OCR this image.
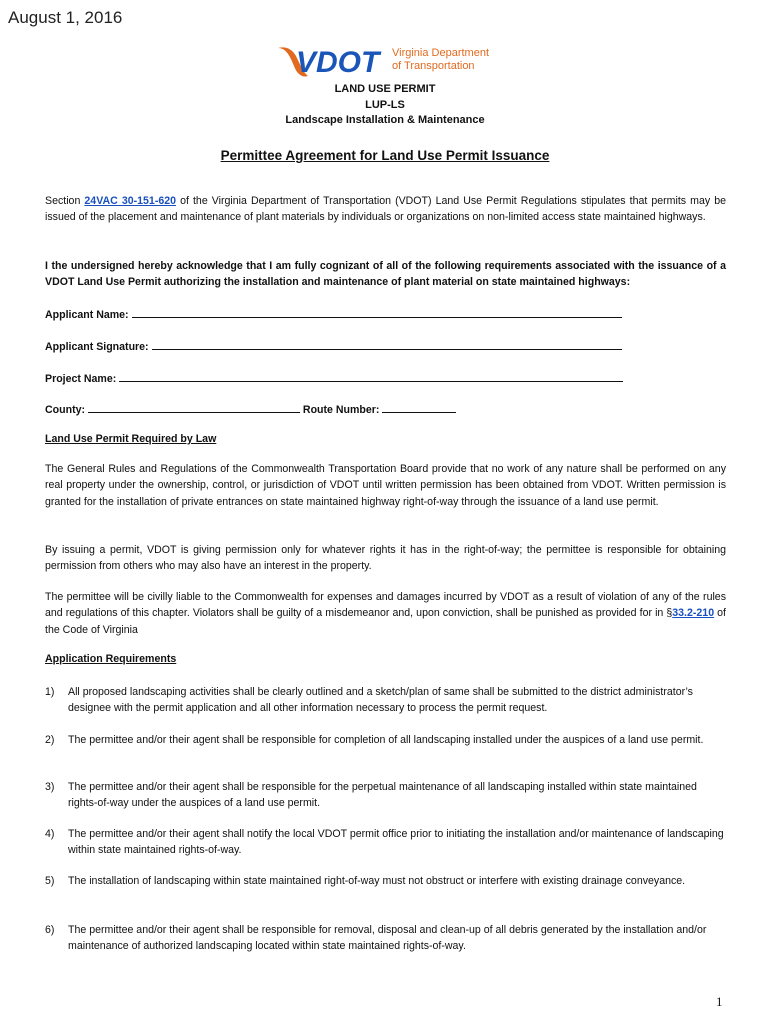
August 1, 2016
VDOT Virginia Department
of Transportation
LAND USE PERMIT
LUP-LS
Landscape Installation & Maintenance
Permittee Agreement for Land Use Permit Issuance
Section 24VAC 30-151-620 of the Virginia Department of Transportation (VDOT) Land Use Permit Regulations stipulates that permits may be issued of the placement and maintenance of plant materials by individuals or organizations on non-limited access state maintained highways.
I the undersigned hereby acknowledge that I am fully cognizant of all of the following requirements associated with the issuance of a VDOT Land Use Permit authorizing the installation and maintenance of plant material on state maintained highways:
Applicant Name:
Applicant Signature:
Project Name:
County:	Route Number:
Land Use Permit Required by Law
The General Rules and Regulations of the Commonwealth Transportation Board provide that no work of any nature shall be performed on any real property under the ownership, control, or jurisdiction of VDOT until written permission has been obtained from VDOT. Written permission is granted for the installation of private entrances on state maintained highway right-of-way through the issuance of a land use permit.
By issuing a permit, VDOT is giving permission only for whatever rights it has in the right-of-way; the permittee is responsible for obtaining permission from others who may also have an interest in the property.
The permittee will be civilly liable to the Commonwealth for expenses and damages incurred by VDOT as a result of violation of any of the rules and regulations of this chapter. Violators shall be guilty of a misdemeanor and, upon conviction, shall be punished as provided for in §33.2-210 of the Code of Virginia
Application Requirements
1) All proposed landscaping activities shall be clearly outlined and a sketch/plan of same shall be submitted to the district administrator’s designee with the permit application and all other information necessary to process the permit request.
2) The permittee and/or their agent shall be responsible for completion of all landscaping installed under the auspices of a land use permit.
3) The permittee and/or their agent shall be responsible for the perpetual maintenance of all landscaping installed within state maintained rights-of-way under the auspices of a land use permit.
4) The permittee and/or their agent shall notify the local VDOT permit office prior to initiating the installation and/or maintenance of landscaping within state maintained rights-of-way.
5) The installation of landscaping within state maintained right-of-way must not obstruct or interfere with existing drainage conveyance.
6) The permittee and/or their agent shall be responsible for removal, disposal and clean-up of all debris generated by the installation and/or maintenance of authorized landscaping located within state maintained rights-of-way.
1
